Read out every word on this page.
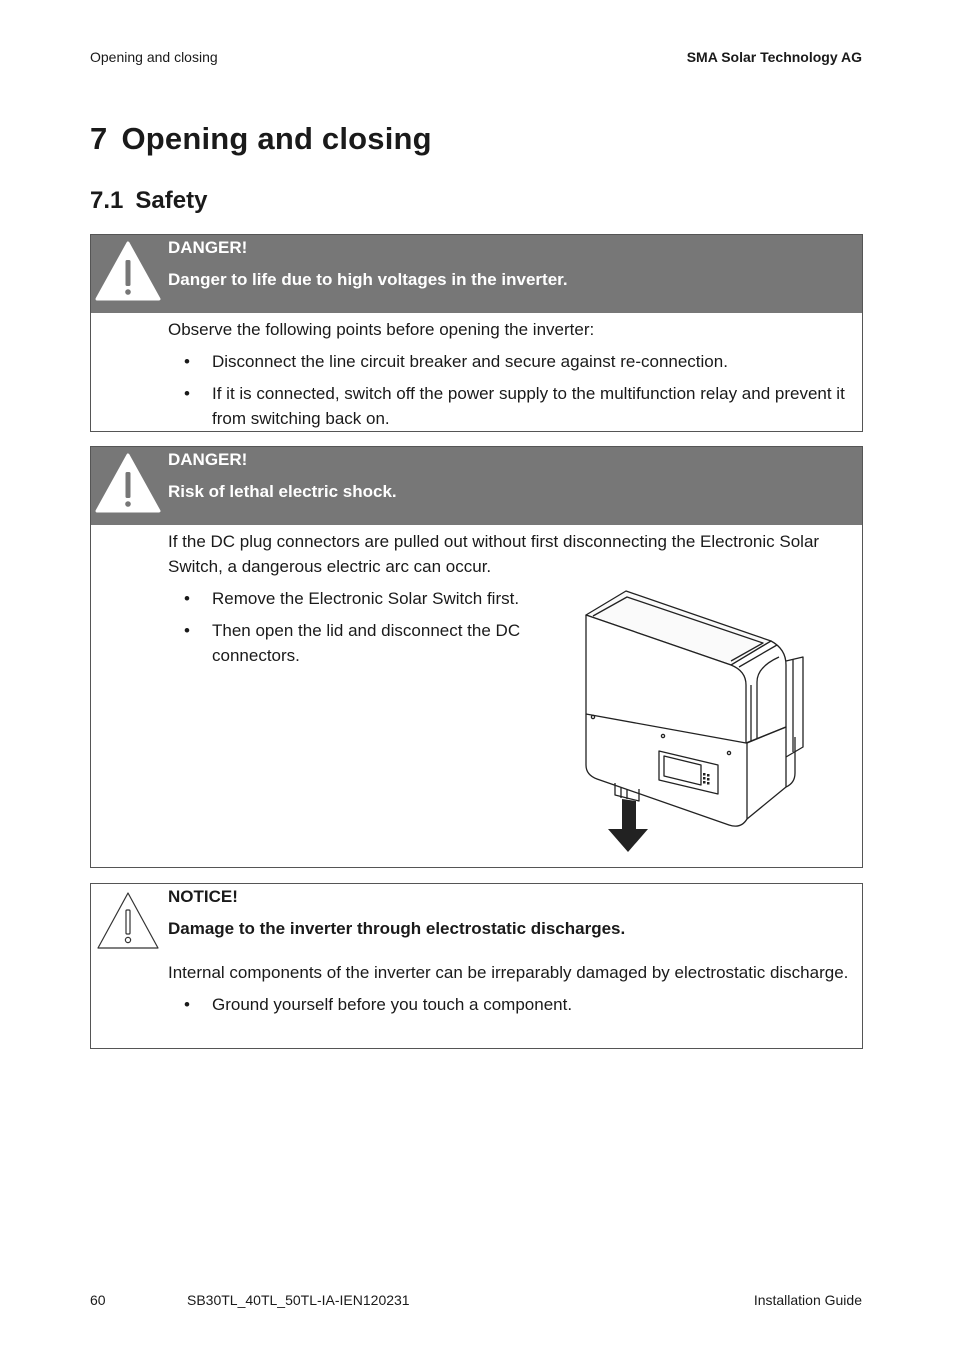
Opening and closing	SMA Solar Technology AG
7 Opening and closing
7.1 Safety
DANGER!
Danger to life due to high voltages in the inverter.

Observe the following points before opening the inverter:

• Disconnect the line circuit breaker and secure against re-connection.
• If it is connected, switch off the power supply to the multifunction relay and prevent it from switching back on.
DANGER!
Risk of lethal electric shock.

If the DC plug connectors are pulled out without first disconnecting the Electronic Solar Switch, a dangerous electric arc can occur.

• Remove the Electronic Solar Switch first.
• Then open the lid and disconnect the DC connectors.
NOTICE!
Damage to the inverter through electrostatic discharges.

Internal components of the inverter can be irreparably damaged by electrostatic discharge.

• Ground yourself before you touch a component.
60	SB30TL_40TL_50TL-IA-IEN120231	Installation Guide
